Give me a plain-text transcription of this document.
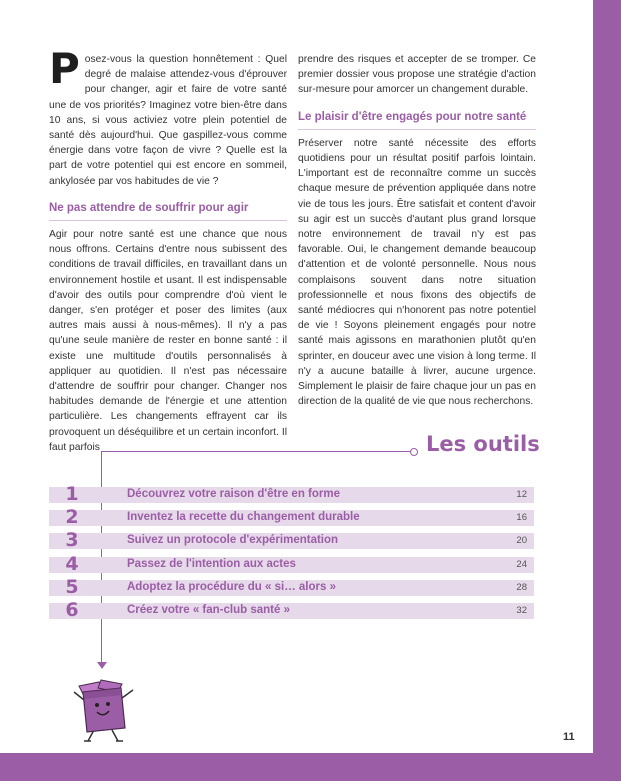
Posez-vous la question honnêtement : Quel degré de malaise attendez-vous d'éprouver pour changer, agir et faire de votre santé une de vos priorités? Imaginez votre bien-être dans 10 ans, si vous activiez votre plein potentiel de santé dès aujourd'hui. Que gaspillez-vous comme énergie dans votre façon de vivre ? Quelle est la part de votre potentiel qui est encore en sommeil, ankylosée par vos habitudes de vie ?

Ne pas attendre de souffrir pour agir

Agir pour notre santé est une chance que nous nous offrons. Certains d'entre nous subissent des conditions de travail difficiles, en travaillant dans un environnement hostile et usant. Il est indispensable d'avoir des outils pour comprendre d'où vient le danger, s'en protéger et poser des limites (aux autres mais aussi à nous-mêmes). Il n'y a pas qu'une seule manière de rester en bonne santé : il existe une multitude d'outils personnalisés à appliquer au quotidien. Il n'est pas nécessaire d'attendre de souffrir pour changer. Changer nos habitudes demande de l'énergie et une attention particulière. Les changements effrayent car ils provoquent un déséquilibre et un certain inconfort. Il faut parfois

prendre des risques et accepter de se tromper. Ce premier dossier vous propose une stratégie d'action sur-mesure pour amorcer un changement durable.

Le plaisir d'être engagés pour notre santé

Préserver notre santé nécessite des efforts quotidiens pour un résultat positif parfois lointain. L'important est de reconnaître comme un succès chaque mesure de prévention appliquée dans notre vie de tous les jours. Être satisfait et content d'avoir su agir est un succès d'autant plus grand lorsque notre environnement de travail n'y est pas favorable. Oui, le changement demande beaucoup d'attention et de volonté personnelle. Nous nous complaisons souvent dans notre situation professionnelle et nous fixons des objectifs de santé médiocres qui n'honorent pas notre potentiel de vie ! Soyons pleinement engagés pour notre santé mais agissons en marathonien plutôt qu'en sprinter, en douceur avec une vision à long terme. Il n'y a aucune bataille à livrer, aucune urgence. Simplement le plaisir de faire chaque jour un pas en direction de la qualité de vie que nous recherchons.

Les outils
1	Découvrez votre raison d'être en forme	12
2	Inventez la recette du changement durable	16
3	Suivez un protocole d'expérimentation	20
4	Passez de l'intention aux actes	24
5	Adoptez la procédure du « si… alors »	28
6	Créez votre « fan-club santé »	32
11
